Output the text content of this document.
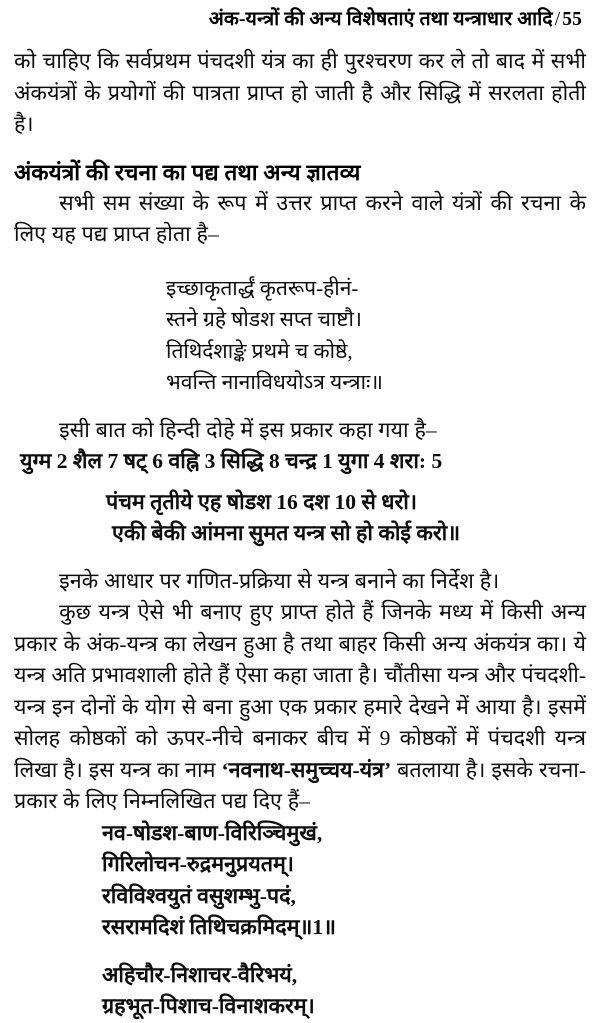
अंक-यन्त्रों की अन्य विशेषताएं तथा यन्त्राधार आदि / 55

को चाहिए कि सर्वप्रथम पंचदशी यंत्र का ही पुरश्चरण कर ले तो बाद में सभी अंकयंत्रों के प्रयोगों की पात्रता प्राप्त हो जाती है और सिद्धि में सरलता होती है।

अंकयंत्रों की रचना का पद्य तथा अन्य ज्ञातव्य

सभी सम संख्या के रूप में उत्तर प्राप्त करने वाले यंत्रों की रचना के लिए यह पद्य प्राप्त होता है–

इच्छाकृतार्द्धं कृतरूप-हीनं-
स्तने ग्रहे षोडश सप्त चाष्टौ।
तिथिर्दशाङ्के प्रथमे च कोष्ठे,
भवन्ति नानाविधयोऽत्र यन्त्राः॥

इसी बात को हिन्दी दोहे में इस प्रकार कहा गया है–

युग्म 2 शैल 7 षट् 6 वह्नि 3 सिद्धि 8 चन्द्र 1 युगा 4 शरा: 5
पंचम तृतीये एह षोडश 16 दश 10 से धरो।
एकी बेकी आंमना सुमत यन्त्र सो हो कोई करो॥

इनके आधार पर गणित-प्रक्रिया से यन्त्र बनाने का निर्देश है।

कुछ यन्त्र ऐसे भी बनाए हुए प्राप्त होते हैं जिनके मध्य में किसी अन्य प्रकार के अंक-यन्त्र का लेखन हुआ है तथा बाहर किसी अन्य अंकयंत्र का। ये यन्त्र अति प्रभावशाली होते हैं ऐसा कहा जाता है। चौंतीसा यन्त्र और पंचदशी-यन्त्र इन दोनों के योग से बना हुआ एक प्रकार हमारे देखने में आया है। इसमें सोलह कोष्ठकों को ऊपर-नीचे बनाकर बीच में 9 कोष्ठकों में पंचदशी यन्त्र लिखा है। इस यन्त्र का नाम ‘नवनाथ-समुच्चय-यंत्र’ बतलाया है। इसके रचना-प्रकार के लिए निम्नलिखित पद्य दिए हैं–

नव-षोडश-बाण-विरिञ्चिमुखं,
गिरिलोचन-रुद्रमनुप्रयतम्।
रविविश्वयुतं वसुशम्भु-पदं,
रसरामदिशं तिथिचक्रमिदम्॥1॥
अहिचौर-निशाचर-वैरिभयं,
ग्रहभूत-पिशाच-विनाशकरम्।
